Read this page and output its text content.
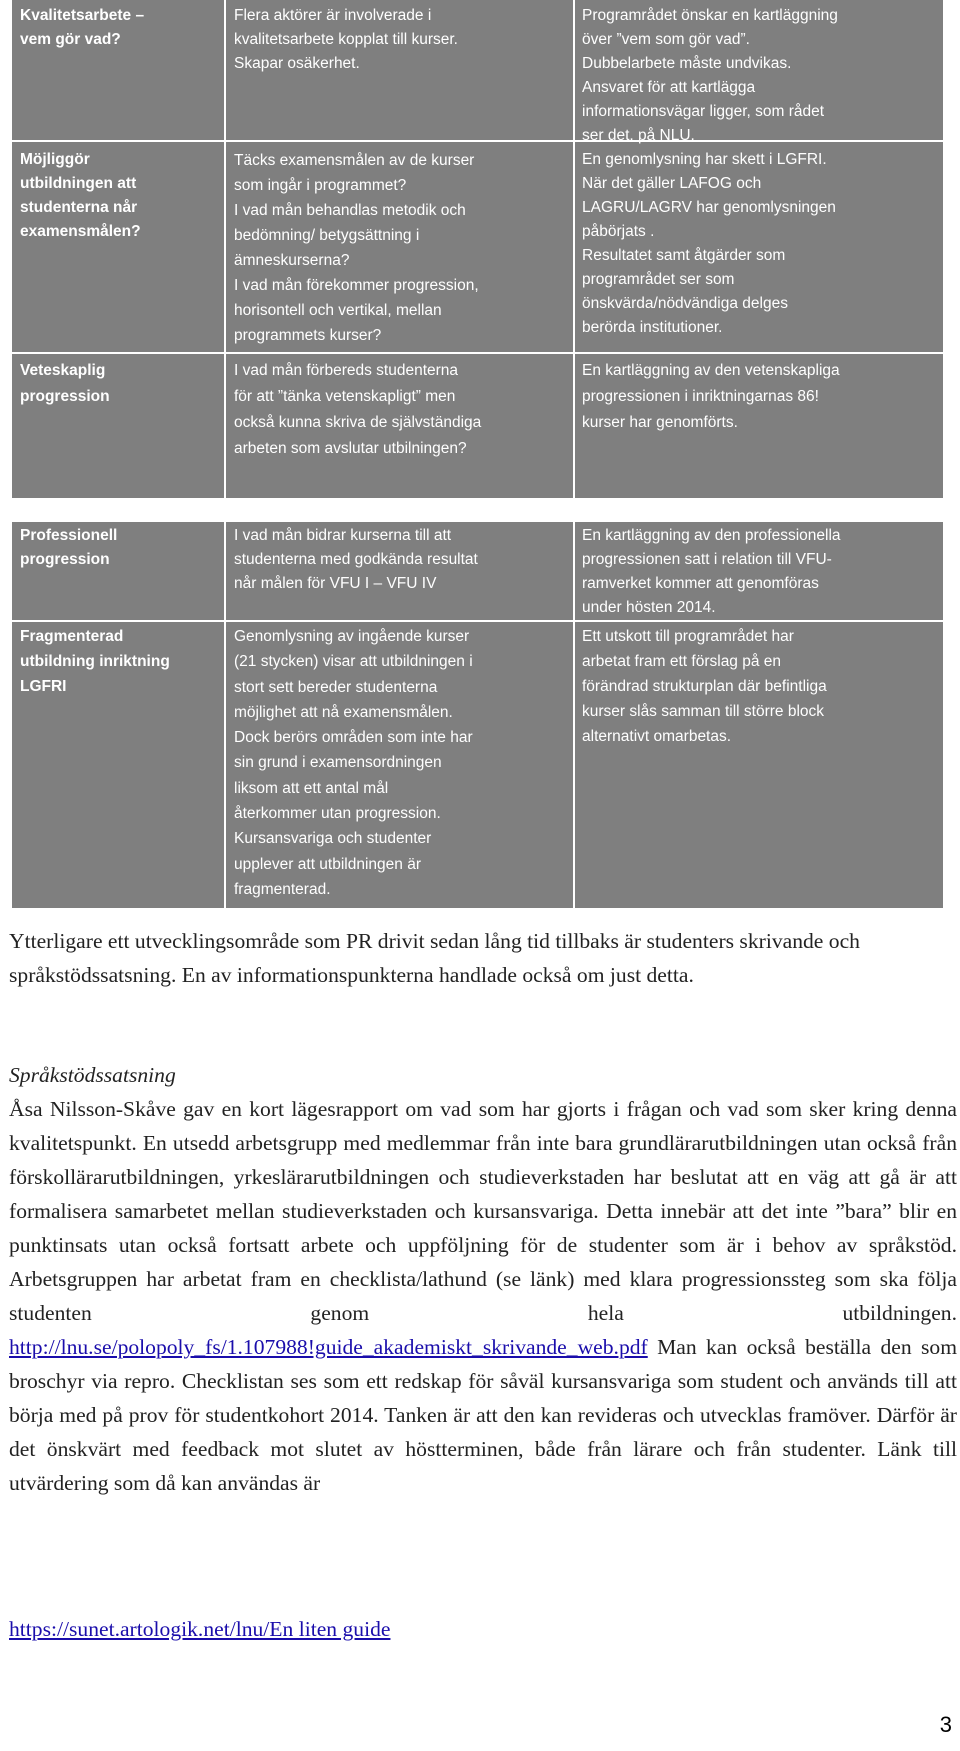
Kvalitetsarbete –
vem gör vad?
Flera aktörer är involverade i
kvalitetsarbete kopplat till kurser.
Skapar osäkerhet.
Programrådet önskar en kartläggning
över ”vem som gör vad”.
Dubbelarbete måste undvikas.
Ansvaret för att kartlägga
informationsvägar ligger, som rådet
ser det, på NLU.
Möjliggör
utbildningen att
studenterna når
examensmålen?
Täcks examensmålen av de kurser
som ingår i programmet?
I vad mån behandlas metodik och
bedömning/ betygsättning i
ämneskurserna?
I vad mån förekommer progression,
horisontell och vertikal, mellan
programmets kurser?
En genomlysning har skett i LGFRI.
När det gäller LAFOG och
LAGRU/LAGRV har genomlysningen
påbörjats .
Resultatet samt åtgärder som
programrådet ser som
önskvärda/nödvändiga delges
berörda institutioner.
Veteskaplig
progression
I vad mån förbereds studenterna
för att ”tänka vetenskapligt” men
också kunna skriva de självständiga
arbeten som avslutar utbilningen?
En kartläggning av den vetenskapliga
progressionen i inriktningarnas 86!
kurser har genomförts.
Professionell
progression
I vad mån bidrar kurserna till att
studenterna med godkända resultat
når målen för VFU I – VFU IV
En kartläggning av den professionella
progressionen satt i relation till VFU-
ramverket kommer att genomföras
under hösten 2014.
Fragmenterad
utbildning inriktning
LGFRI
Genomlysning av ingående kurser
(21 stycken) visar att utbildningen i
stort sett bereder studenterna
möjlighet att nå examensmålen.
Dock berörs områden som inte har
sin grund i examensordningen
liksom att ett antal mål
återkommer utan progression.
Kursansvariga och studenter
upplever att utbildningen är
fragmenterad.
Ett utskott till programrådet har
arbetat fram ett förslag på en
förändrad strukturplan där befintliga
kurser slås samman till större block
alternativt omarbetas.

Ytterligare ett utvecklingsområde som PR drivit sedan lång tid tillbaks är studenters skrivande och språkstödssatsning. En av informationspunkterna handlade också om just detta.

Språkstödssatsning

Åsa Nilsson-Skåve gav en kort lägesrapport om vad som har gjorts i frågan och vad som sker kring denna kvalitetspunkt. En utsedd arbetsgrupp med medlemmar från inte bara grundlärarutbildningen utan också från förskollärarutbildningen, yrkeslärarutbildningen och studieverkstaden har beslutat att en väg att gå är att formalisera samarbetet mellan studieverkstaden och kursansvariga. Detta innebär att det inte ”bara” blir en punktinsats utan också fortsatt arbete och uppföljning för de studenter som är i behov av språkstöd. Arbetsgruppen har arbetat fram en checklista/lathund (se länk) med klara progressionssteg som ska följa studenten genom hela utbildningen. http://lnu.se/polopoly_fs/1.107988!guide_akademiskt_skrivande_web.pdf Man kan också beställa den som broschyr via repro. Checklistan ses som ett redskap för såväl kursansvariga som student och används till att börja med på prov för studentkohort 2014. Tanken är att den kan revideras och utvecklas framöver. Därför är det önskvärt med feedback mot slutet av höstterminen, både från lärare och från studenter. Länk till utvärdering som då kan användas är

https://sunet.artologik.net/lnu/En liten guide

3
